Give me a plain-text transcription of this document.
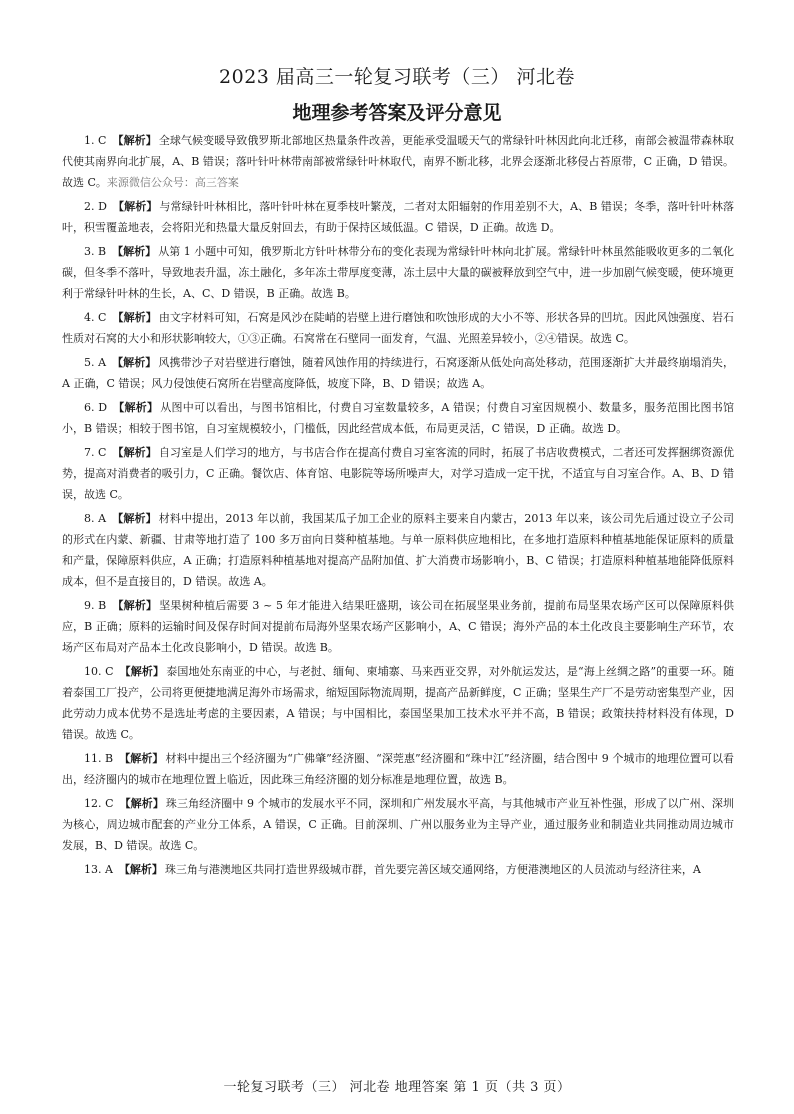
2023 届高三一轮复习联考（三） 河北卷
地理参考答案及评分意见

1. C 【解析】 全球气候变暖导致俄罗斯北部地区热量条件改善，更能承受温暖天气的常绿针叶林因此向北迁移，南部会被温带森林取代使其南界向北扩展，A、B 错误；落叶针叶林带南部被常绿针叶林取代，南界不断北移，北界会逐渐北移侵占苔原带，C 正确，D 错误。故选 C。来源微信公众号：高三答案

2. D 【解析】 与常绿针叶林相比，落叶针叶林在夏季枝叶繁茂，二者对太阳辐射的作用差别不大，A、B 错误；冬季，落叶针叶林落叶，积雪覆盖地表，会将阳光和热量大量反射回去，有助于保持区域低温。C 错误，D 正确。故选 D。

3. B 【解析】 从第 1 小题中可知，俄罗斯北方针叶林带分布的变化表现为常绿针叶林向北扩展。常绿针叶林虽然能吸收更多的二氧化碳，但冬季不落叶，导致地表升温，冻土融化，多年冻土带厚度变薄，冻土层中大量的碳被释放到空气中，进一步加剧气候变暖，使环境更利于常绿针叶林的生长，A、C、D 错误，B 正确。故选 B。

4. C 【解析】 由文字材料可知，石窝是风沙在陡峭的岩壁上进行磨蚀和吹蚀形成的大小不等、形状各异的凹坑。因此风蚀强度、岩石性质对石窝的大小和形状影响较大，①③正确。石窝常在石壁同一面发育，气温、光照差异较小，②④错误。故选 C。

5. A 【解析】 风携带沙子对岩壁进行磨蚀，随着风蚀作用的持续进行，石窝逐渐从低处向高处移动，范围逐渐扩大并最终崩塌消失，A 正确，C 错误；风力侵蚀使石窝所在岩壁高度降低，坡度下降，B、D 错误；故选 A。

6. D 【解析】 从图中可以看出，与图书馆相比，付费自习室数量较多，A 错误；付费自习室因规模小、数量多，服务范围比图书馆小，B 错误；相较于图书馆，自习室规模较小，门槛低，因此经营成本低，布局更灵活，C 错误，D 正确。故选 D。

7. C 【解析】 自习室是人们学习的地方，与书店合作在提高付费自习室客流的同时，拓展了书店收费模式，二者还可发挥捆绑资源优势，提高对消费者的吸引力，C 正确。餐饮店、体育馆、电影院等场所噪声大，对学习造成一定干扰，不适宜与自习室合作。A、B、D 错误，故选 C。

8. A 【解析】 材料中提出，2013 年以前，我国某瓜子加工企业的原料主要来自内蒙古，2013 年以来，该公司先后通过设立子公司的形式在内蒙、新疆、甘肃等地打造了 100 多万亩向日葵种植基地。与单一原料供应地相比，在多地打造原料种植基地能保证原料的质量和产量，保障原料供应，A 正确；打造原料种植基地对提高产品附加值、扩大消费市场影响小，B、C 错误；打造原料种植基地能降低原料成本，但不是直接目的，D 错误。故选 A。

9. B 【解析】 坚果树种植后需要 3 ~ 5 年才能进入结果旺盛期，该公司在拓展坚果业务前，提前布局坚果农场产区可以保障原料供应，B 正确；原料的运输时间及保存时间对提前布局海外坚果农场产区影响小，A、C 错误；海外产品的本土化改良主要影响生产环节，农场产区布局对产品本土化改良影响小，D 错误。故选 B。

10. C 【解析】 泰国地处东南亚的中心，与老挝、缅甸、柬埔寨、马来西亚交界，对外航运发达，是“海上丝绸之路”的重要一环。随着泰国工厂投产，公司将更便捷地满足海外市场需求，缩短国际物流周期，提高产品新鲜度，C 正确；坚果生产厂不是劳动密集型产业，因此劳动力成本优势不是选址考虑的主要因素，A 错误；与中国相比，泰国坚果加工技术水平并不高，B 错误；政策扶持材料没有体现，D 错误。故选 C。

11. B 【解析】 材料中提出三个经济圈为“广佛肇”经济圈、“深莞惠”经济圈和“珠中江”经济圈，结合图中 9 个城市的地理位置可以看出，经济圈内的城市在地理位置上临近，因此珠三角经济圈的划分标准是地理位置，故选 B。

12. C 【解析】 珠三角经济圈中 9 个城市的发展水平不同，深圳和广州发展水平高，与其他城市产业互补性强，形成了以广州、深圳为核心，周边城市配套的产业分工体系，A 错误，C 正确。目前深圳、广州以服务业为主导产业，通过服务业和制造业共同推动周边城市发展，B、D 错误。故选 C。

13. A 【解析】 珠三角与港澳地区共同打造世界级城市群，首先要完善区域交通网络，方便港澳地区的人员流动与经济往来，A

一轮复习联考（三） 河北卷 地理答案 第 1 页（共 3 页）
